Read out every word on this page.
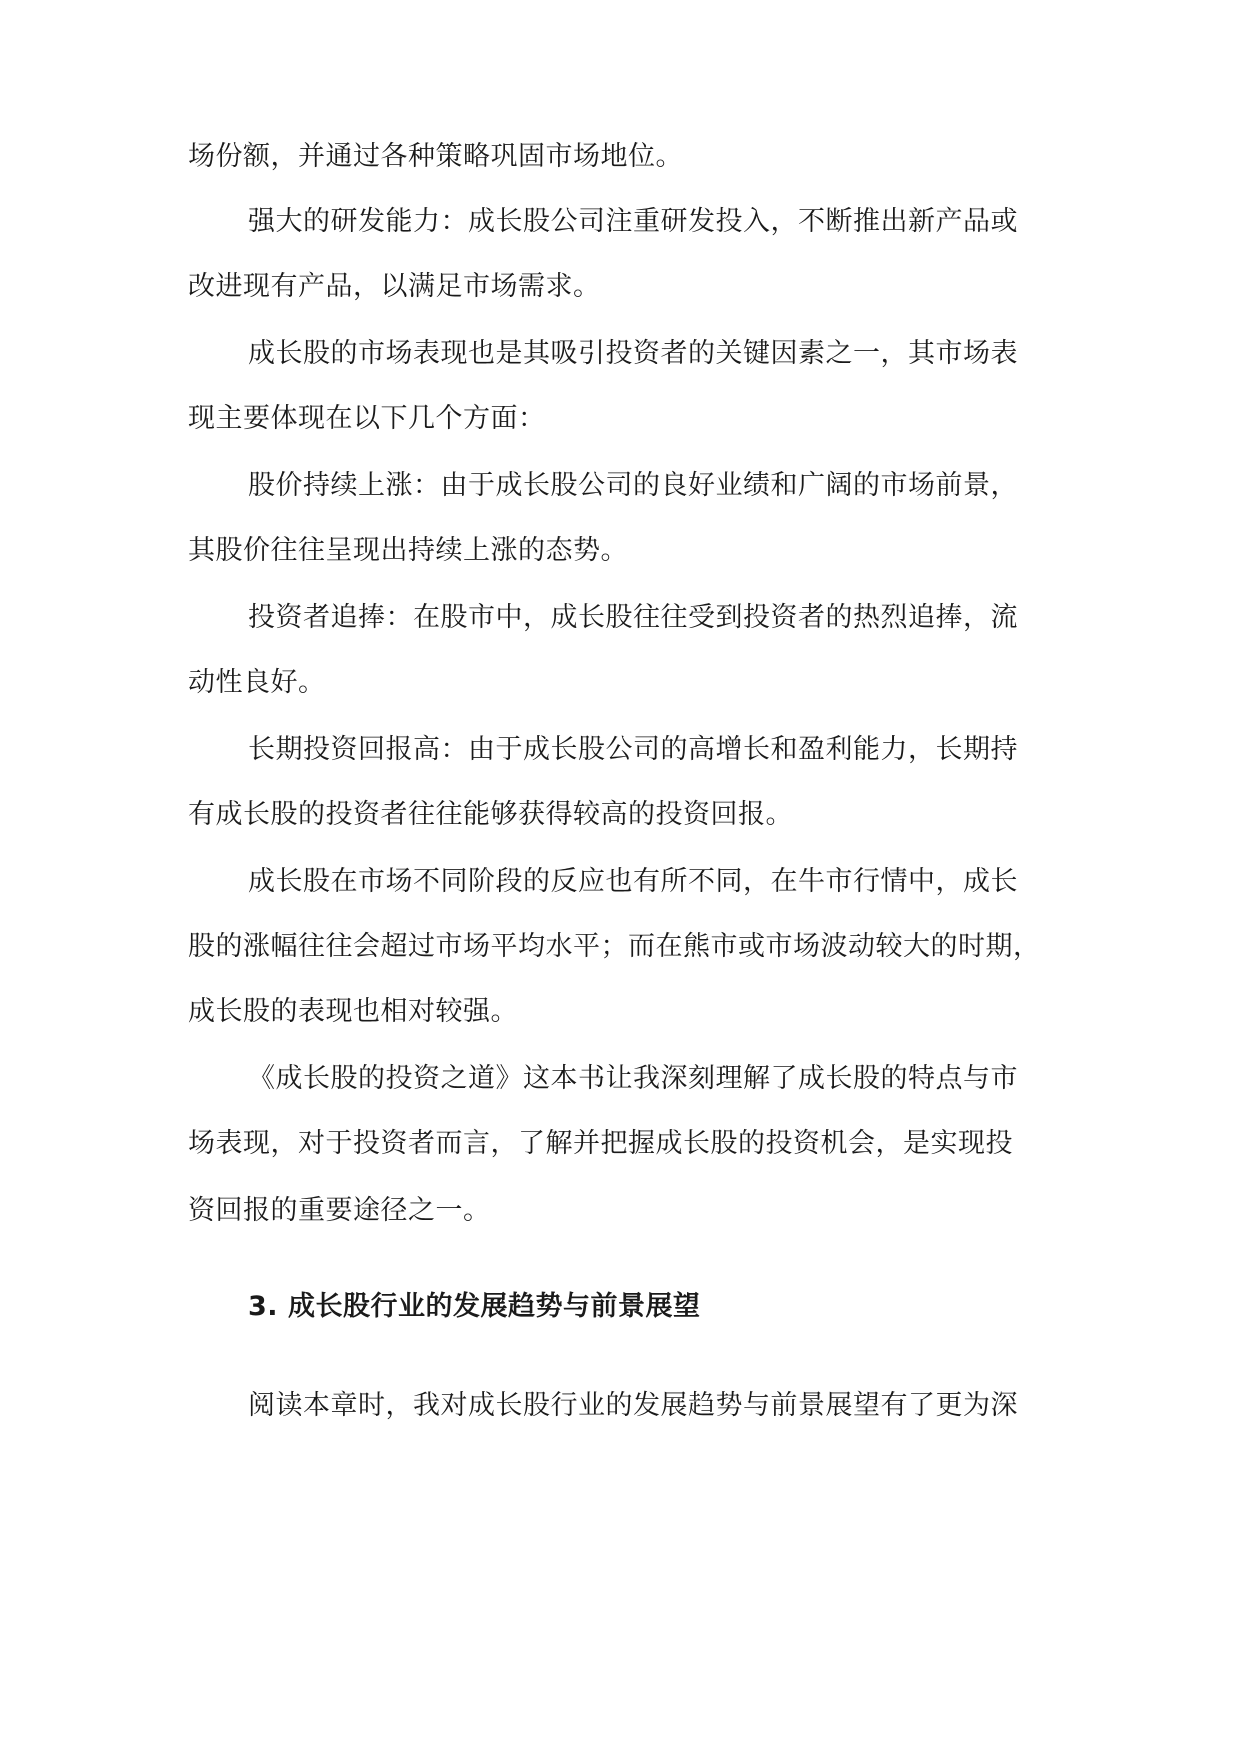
场份额，并通过各种策略巩固市场地位。
强大的研发能力：成长股公司注重研发投入，不断推出新产品或
改进现有产品，以满足市场需求。
成长股的市场表现也是其吸引投资者的关键因素之一，其市场表
现主要体现在以下几个方面：
股价持续上涨：由于成长股公司的良好业绩和广阔的市场前景，
其股价往往呈现出持续上涨的态势。
投资者追捧：在股市中，成长股往往受到投资者的热烈追捧，流
动性良好。
长期投资回报高：由于成长股公司的高增长和盈利能力，长期持
有成长股的投资者往往能够获得较高的投资回报。
成长股在市场不同阶段的反应也有所不同，在牛市行情中，成长
股的涨幅往往会超过市场平均水平；而在熊市或市场波动较大的时期，
成长股的表现也相对较强。
《成长股的投资之道》这本书让我深刻理解了成长股的特点与市
场表现，对于投资者而言，了解并把握成长股的投资机会，是实现投
资回报的重要途径之一。
3. 成长股行业的发展趋势与前景展望
阅读本章时，我对成长股行业的发展趋势与前景展望有了更为深
